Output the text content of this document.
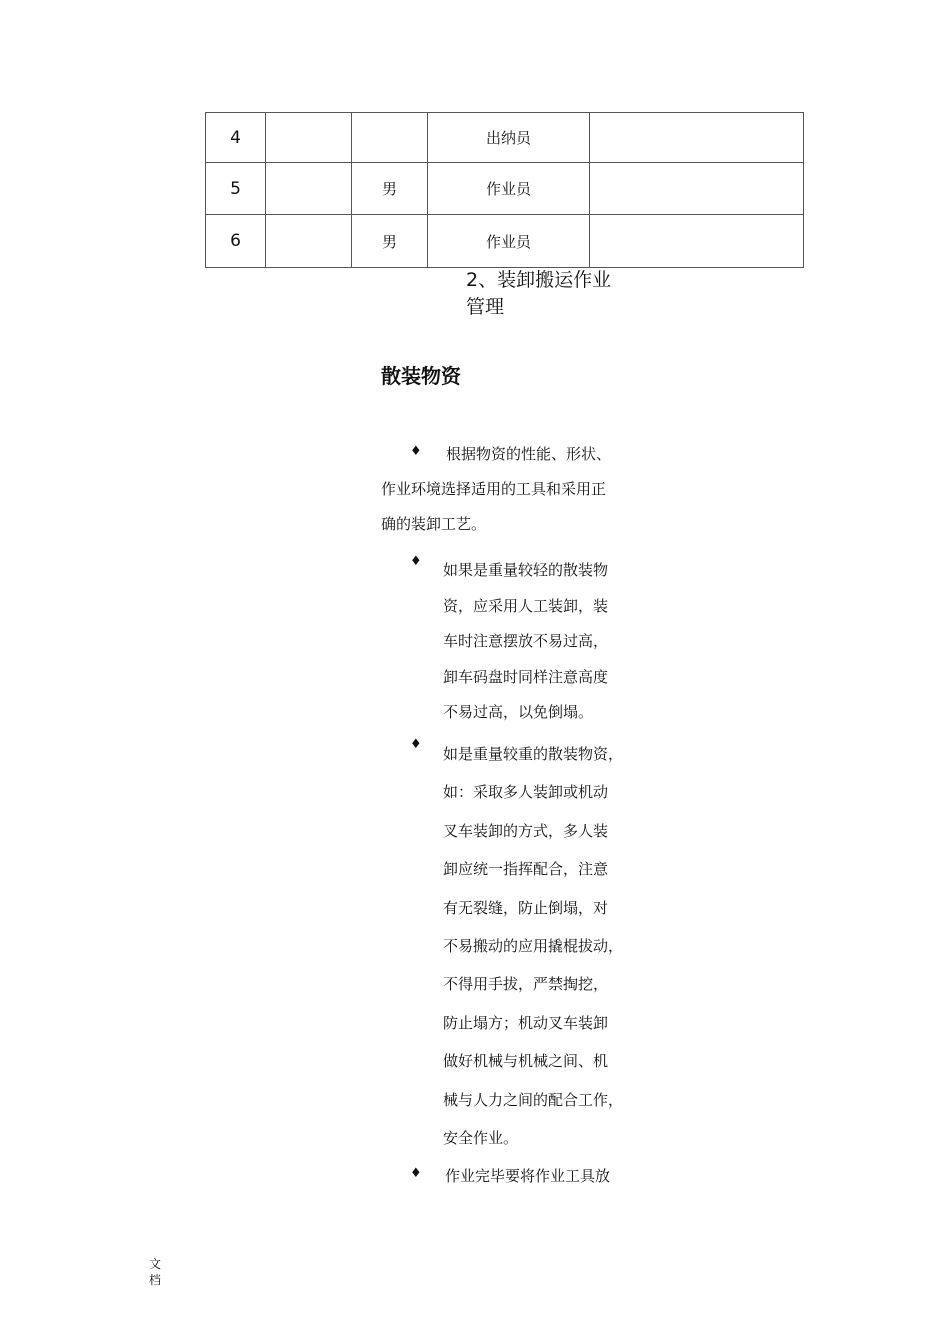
4			出纳员	
5		男	作业员	
6		男	作业员	
2、装卸搬运作业
管理
散装物资
♦ 根据物资的性能、形状、
作业环境选择适用的工具和采用正
确的装卸工艺。
♦ 如果是重量较轻的散装物
资，应采用人工装卸，装
车时注意摆放不易过高，
卸车码盘时同样注意高度
不易过高，以免倒塌。
♦
如是重量较重的散装物资，
如：采取多人装卸或机动
叉车装卸的方式，多人装
卸应统一指挥配合，注意
有无裂缝，防止倒塌，对
不易搬动的应用撬棍拔动，
不得用手拔，严禁掏挖，
防止塌方；机动叉车装卸
做好机械与机械之间、机
械与人力之间的配合工作，
安全作业。
♦ 作业完毕要将作业工具放
文
档
